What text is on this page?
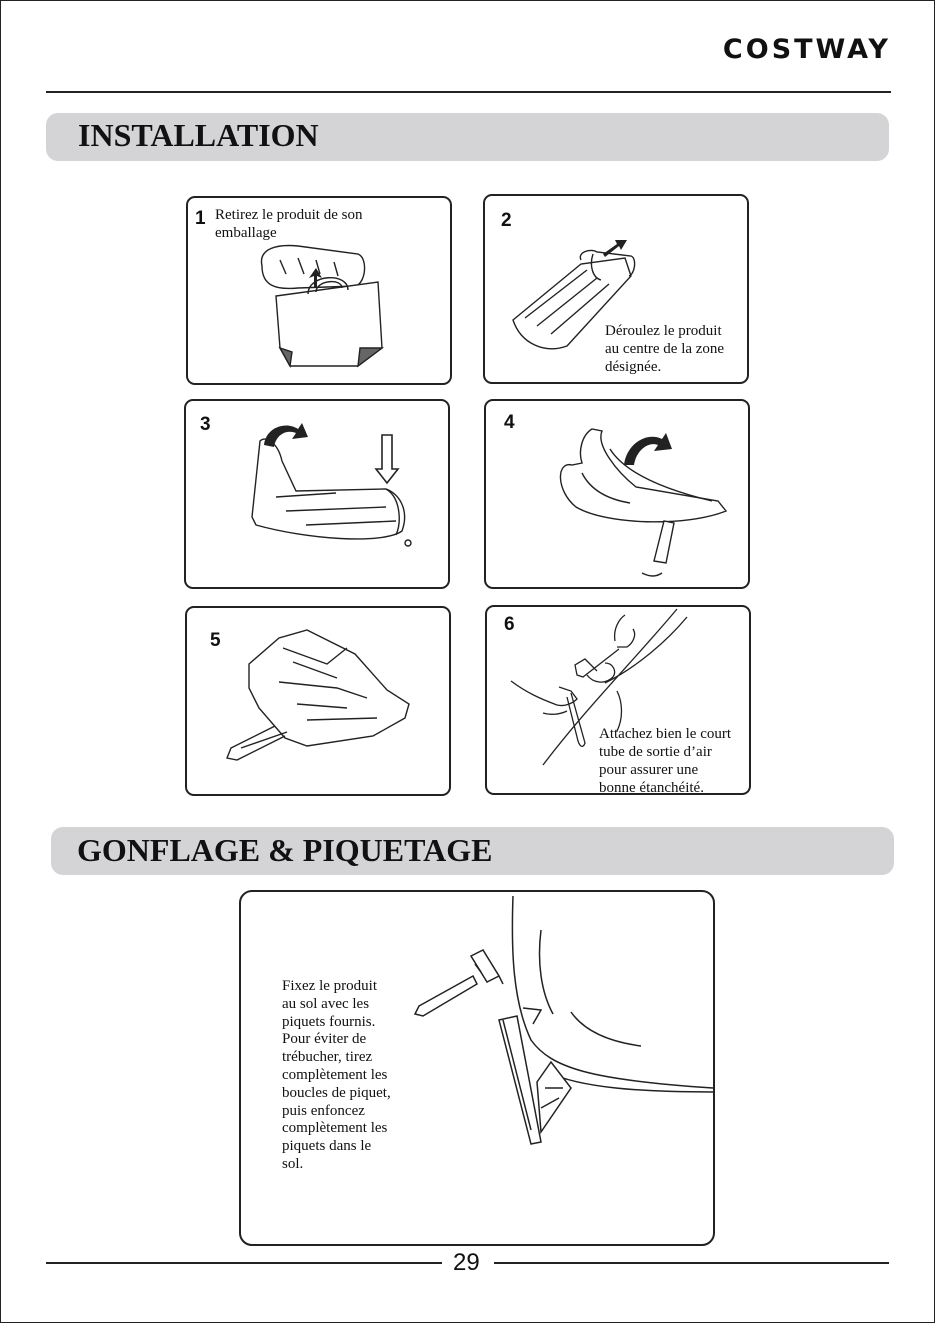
COSTWAY
INSTALLATION
1 Retirez le produit de son
emballage
2
Déroulez le produit
au centre de la zone
désignée.
3	4
5
6
Attachez bien le court
tube de sortie d’air
pour assurer une
bonne étanchéité.
GONFLAGE & PIQUETAGE
Fixez le produit
au sol avec les
piquets fournis.
Pour éviter de
trébucher, tirez
complètement les
boucles de piquet,
puis enfoncez
complètement les
piquets dans le
sol.
29
